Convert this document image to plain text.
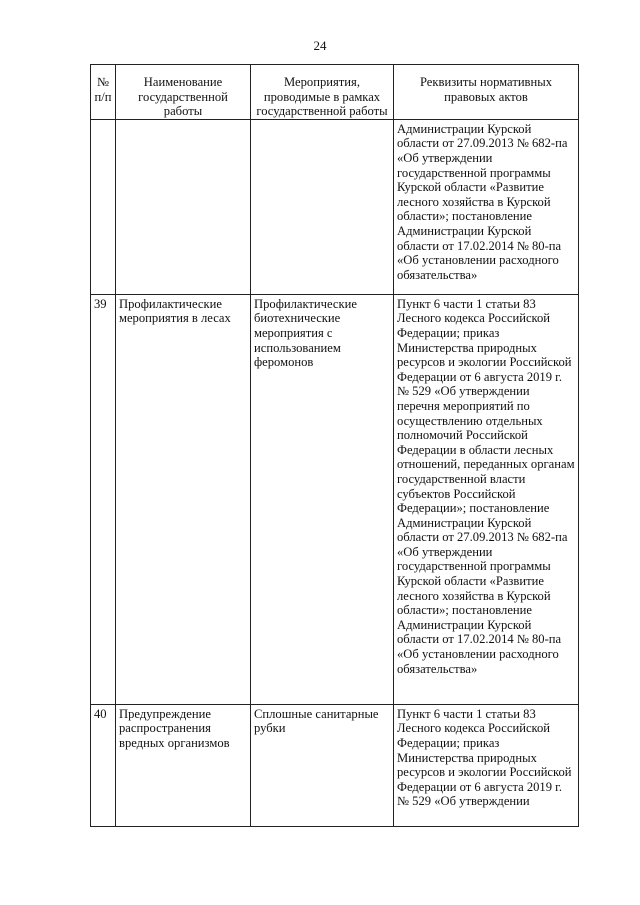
24
№ п/п	Наименование государственной работы	Мероприятия, проводимые в рамках государственной работы	Реквизиты нормативных правовых актов
			Администрации Курской области от 27.09.2013 № 682-па «Об утверждении государственной программы Курской области «Развитие лесного хозяйства в Курской области»; постановление Администрации Курской области от 17.02.2014 № 80-па «Об установлении расходного обязательства»
39	Профилактические мероприятия в лесах	Профилактические биотехнические мероприятия с использованием феромонов	Пункт 6 части 1 статьи 83 Лесного кодекса Российской Федерации; приказ Министерства природных ресурсов и экологии Российской Федерации от 6 августа 2019 г. № 529 «Об утверждении перечня мероприятий по осуществлению отдельных полномочий Российской Федерации в области лесных отношений, переданных органам государственной власти субъектов Российской Федерации»; постановление Администрации Курской области от 27.09.2013 № 682-па «Об утверждении государственной программы Курской области «Развитие лесного хозяйства в Курской области»; постановление Администрации Курской области от 17.02.2014 № 80-па «Об установлении расходного обязательства»
40	Предупреждение распространения вредных организмов	Сплошные санитарные рубки	Пункт 6 части 1 статьи 83 Лесного кодекса Российской Федерации; приказ Министерства природных ресурсов и экологии Российской Федерации от 6 августа 2019 г. № 529 «Об утверждении
